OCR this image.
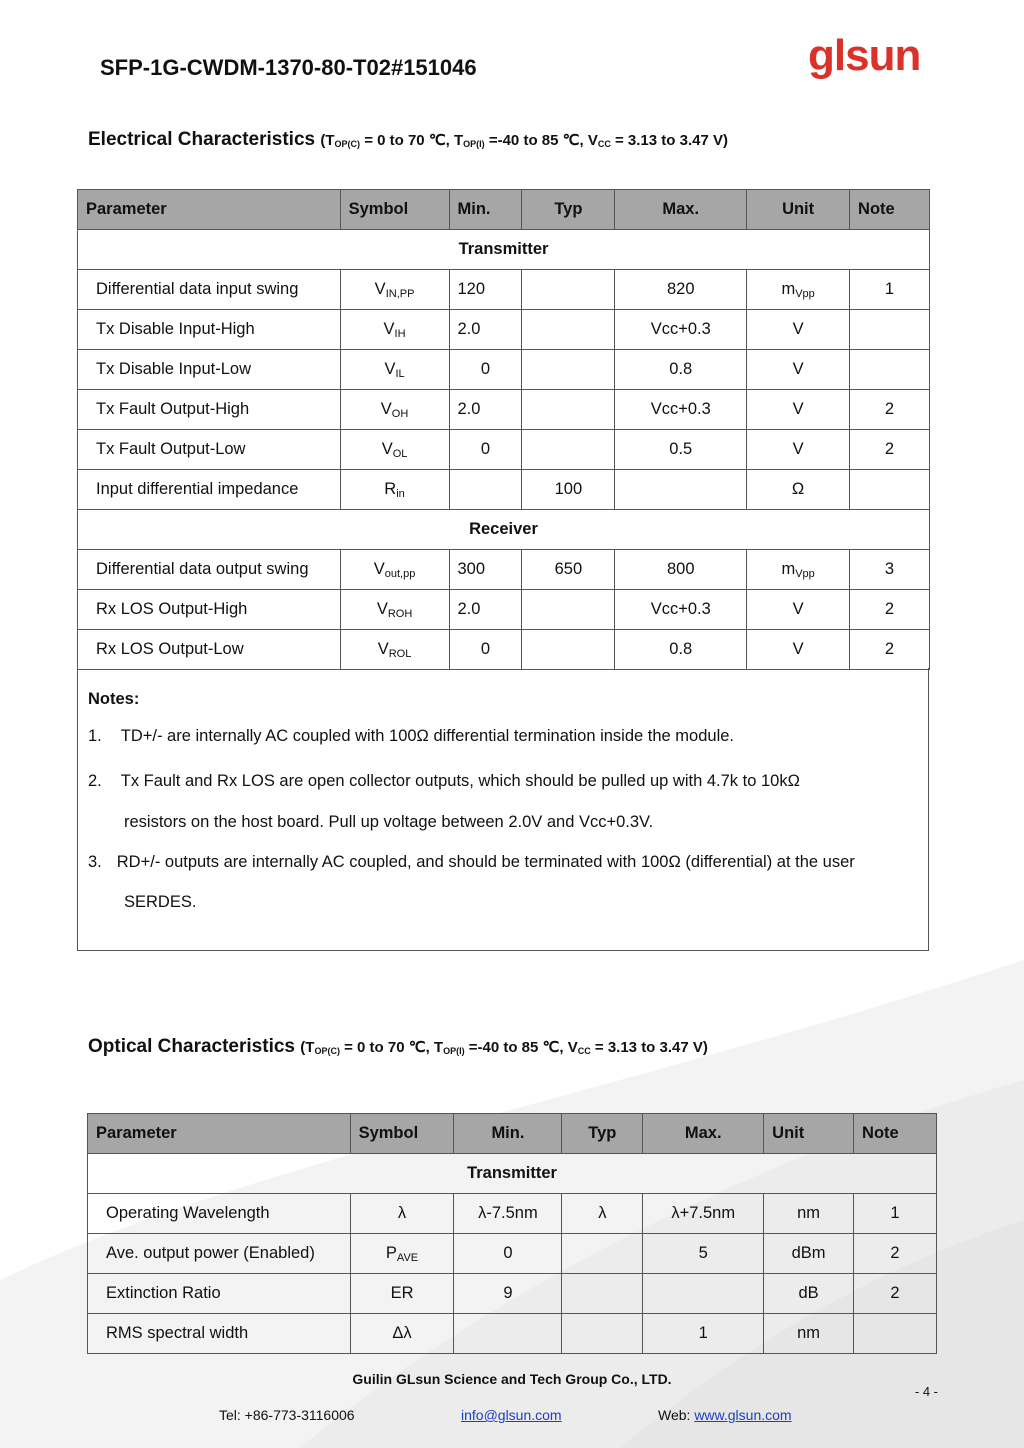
SFP-1G-CWDM-1370-80-T02#151046	glsun
Electrical Characteristics ($T_{OP(C)} = 0$ to 70 ℃, $T_{OP(I)} =-40$ to 85 ℃, $V_{CC} = 3.13$ to 3.47 V)
Parameter	Symbol	Min.	Typ	Max.	Unit	Note
Transmitter						
Differential data input swing	$V_{IN,PP}$	120		820	$m_{Vpp}$	1
Tx Disable Input-High	$V_{IH}$	2.0		Vcc+0.3	V	
Tx Disable Input-Low	$V_{IL}$	0		0.8	V	
Tx Fault Output-High	$V_{OH}$	2.0		Vcc+0.3	V	2
Tx Fault Output-Low	$V_{OL}$	0		0.5	V	2
Input differential impedance	$R_{in}$		100		Ω	
Receiver						
Differential data output swing	$V_{out,pp}$	300	650	800	$m_{Vpp}$	3
Rx LOS Output-High	$V_{ROH}$	2.0		Vcc+0.3	V	2
Rx LOS Output-Low	$V_{ROL}$	0		0.8	V	2
Notes:
1. TD+/- are internally AC coupled with 100Ω differential termination inside the module.
2. Tx Fault and Rx LOS are open collector outputs, which should be pulled up with 4.7k to 10kΩ
resistors on the host board. Pull up voltage between 2.0V and Vcc+0.3V.
3. RD+/- outputs are internally AC coupled, and should be terminated with 100Ω (differential) at the user
SERDES.
Optical Characteristics ($T_{OP(C)} = 0$ to 70 ℃, $T_{OP(I)} =-40$ to 85 ℃, $V_{CC} = 3.13$ to 3.47 V)
Parameter	Symbol	Min.	Typ	Max.	Unit	Note
Transmitter						
Operating Wavelength	λ	λ-7.5nm	λ	λ+7.5nm	nm	1
Ave. output power (Enabled)	$P_{AVE}$	0		5	dBm	2
Extinction Ratio	ER	9			dB	2
RMS spectral width	Δλ			1	nm	
Guilin GLsun Science and Tech Group Co., LTD.
- 4 -
Tel: +86-773-3116006	info@glsun.com	Web: www.glsun.com
